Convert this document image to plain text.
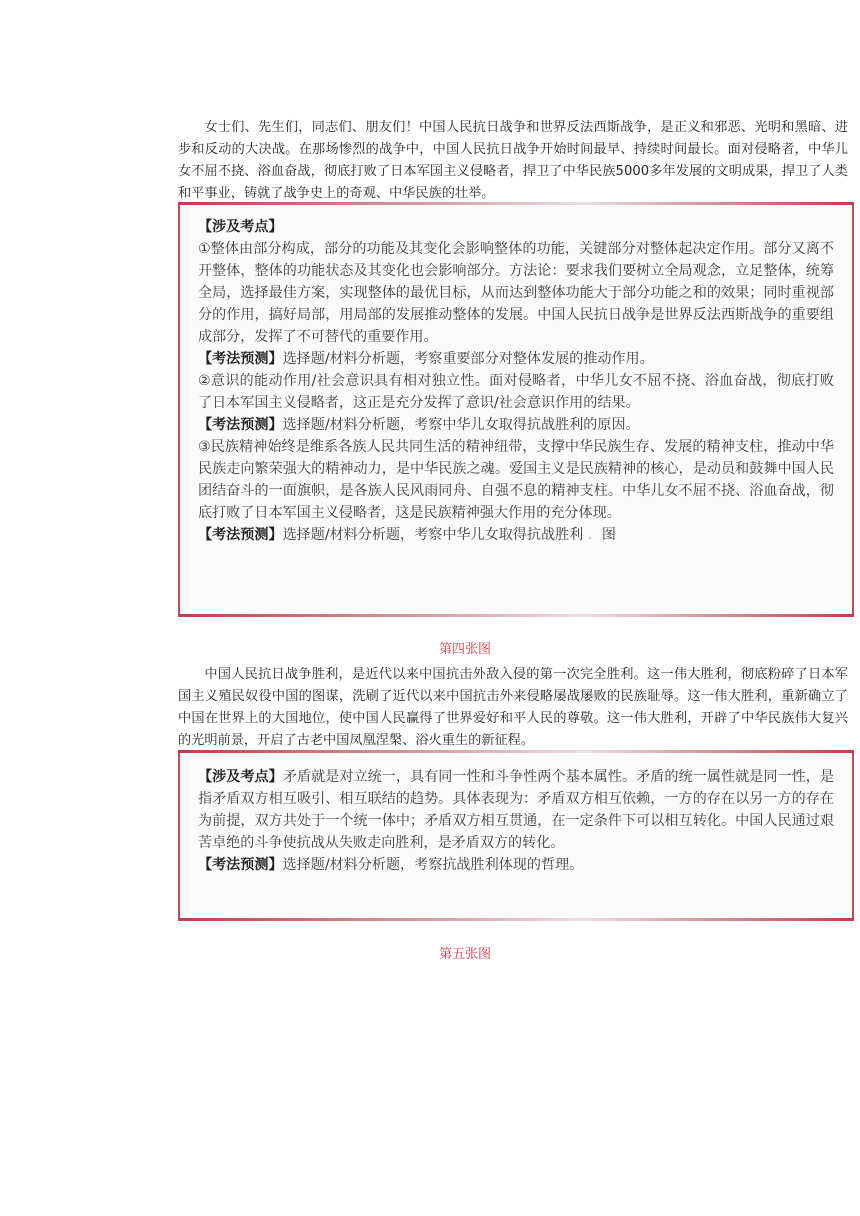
女士们、先生们，同志们、朋友们！中国人民抗日战争和世界反法西斯战争，是正义和邪恶、光明和黑暗、进步和反动的大决战。在那场惨烈的战争中，中国人民抗日战争开始时间最早、持续时间最长。面对侵略者，中华儿女不屈不挠、浴血奋战，彻底打败了日本军国主义侵略者，捍卫了中华民族5000多年发展的文明成果，捍卫了人类和平事业，铸就了战争史上的奇观、中华民族的壮举。

【涉及考点】

①整体由部分构成，部分的功能及其变化会影响整体的功能，关键部分对整体起决定作用。部分又离不开整体，整体的功能状态及其变化也会影响部分。方法论：要求我们要树立全局观念，立足整体，统筹全局，选择最佳方案，实现整体的最优目标，从而达到整体功能大于部分功能之和的效果；同时重视部分的作用，搞好局部，用局部的发展推动整体的发展。中国人民抗日战争是世界反法西斯战争的重要组成部分，发挥了不可替代的重要作用。

【考法预测】选择题/材料分析题，考察重要部分对整体发展的推动作用。

②意识的能动作用/社会意识具有相对独立性。面对侵略者，中华儿女不屈不挠、浴血奋战，彻底打败了日本军国主义侵略者，这正是充分发挥了意识/社会意识作用的结果。

【考法预测】选择题/材料分析题，考察中华儿女取得抗战胜利的原因。

③民族精神始终是维系各族人民共同生活的精神纽带，支撑中华民族生存、发展的精神支柱，推动中华民族走向繁荣强大的精神动力，是中华民族之魂。爱国主义是民族精神的核心，是动员和鼓舞中国人民团结奋斗的一面旗帜，是各族人民风雨同舟、自强不息的精神支柱。中华儿女不屈不挠、浴血奋战，彻底打败了日本军国主义侵略者，这是民族精神强大作用的充分体现。

【考法预测】选择题/材料分析题，考察中华儿女取得抗战胜利 ．图

第四张图

中国人民抗日战争胜利，是近代以来中国抗击外敌入侵的第一次完全胜利。这一伟大胜利，彻底粉碎了日本军国主义殖民奴役中国的图谋，洗刷了近代以来中国抗击外来侵略屡战屡败的民族耻辱。这一伟大胜利，重新确立了中国在世界上的大国地位，使中国人民赢得了世界爱好和平人民的尊敬。这一伟大胜利，开辟了中华民族伟大复兴的光明前景，开启了古老中国凤凰涅槃、浴火重生的新征程。

【涉及考点】矛盾就是对立统一，具有同一性和斗争性两个基本属性。矛盾的统一属性就是同一性，是指矛盾双方相互吸引、相互联结的趋势。具体表现为：矛盾双方相互依赖，一方的存在以另一方的存在为前提，双方共处于一个统一体中；矛盾双方相互贯通，在一定条件下可以相互转化。中国人民通过艰苦卓绝的斗争使抗战从失败走向胜利，是矛盾双方的转化。

【考法预测】选择题/材料分析题，考察抗战胜利体现的哲理。

第五张图
